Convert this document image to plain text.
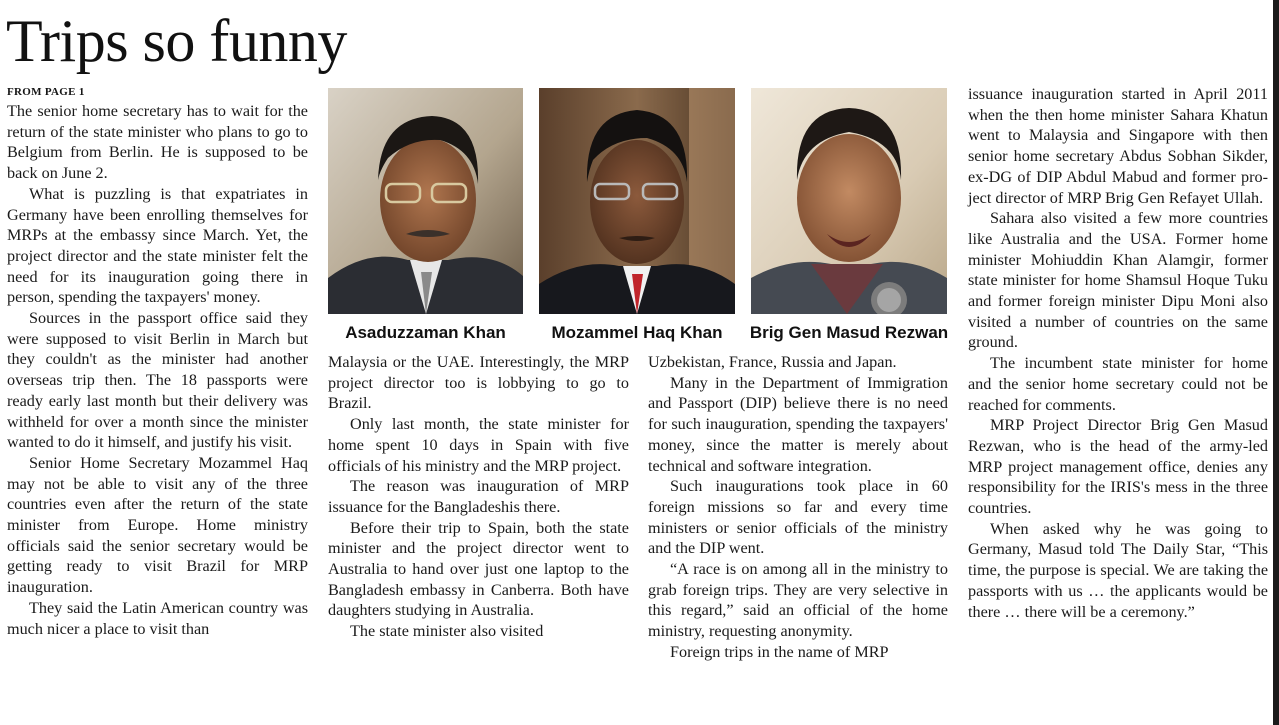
Trips so funny
FROM PAGE 1

The senior home secretary has to wait for the return of the state minister who plans to go to Belgium from Berlin. He is supposed to be back on June 2.

What is puzzling is that expatriates in Germany have been enrolling themselves for MRPs at the embassy since March. Yet, the project director and the state minister felt the need for its inauguration going there in person, spending the taxpayers' money.

Sources in the passport office said they were supposed to visit Berlin in March but they couldn't as the minister had another overseas trip then. The 18 passports were ready early last month but their delivery was withheld for over a month since the minister wanted to do it himself, and justify his visit.

Senior Home Secretary Mozammel Haq may not be able to visit any of the three countries even after the return of the state minister from Europe. Home ministry officials said the senior secretary would be getting ready to visit Brazil for MRP inauguration.

They said the Latin American country was much nicer a place to visit than

Asaduzzaman Khan	Mozammel Haq Khan	Brig Gen Masud Rezwan

Malaysia or the UAE. Interestingly, the MRP project director too is lobbying to go to Brazil.

Only last month, the state minister for home spent 10 days in Spain with five officials of his ministry and the MRP project.

The reason was inauguration of MRP issuance for the Bangladeshis there.

Before their trip to Spain, both the state minister and the project director went to Australia to hand over just one laptop to the Bangladesh embassy in Canberra. Both have daughters studying in Australia.

The state minister also visited

Uzbekistan, France, Russia and Japan.

Many in the Department of Immigration and Passport (DIP) believe there is no need for such inauguration, spending the taxpayers' money, since the matter is merely about technical and software integration.

Such inaugurations took place in 60 foreign missions so far and every time ministers or senior officials of the ministry and the DIP went.

“A race is on among all in the ministry to grab foreign trips. They are very selective in this regard,” said an official of the home ministry, requesting anonymity.

Foreign trips in the name of MRP

issuance inauguration started in April 2011 when the then home minister Sahara Khatun went to Malaysia and Singapore with then senior home secretary Abdus Sobhan Sikder, ex-DG of DIP Abdul Mabud and former project director of MRP Brig Gen Refayet Ullah.

Sahara also visited a few more countries like Australia and the USA. Former home minister Mohiuddin Khan Alamgir, former state minister for home Shamsul Hoque Tuku and former foreign minister Dipu Moni also visited a number of countries on the same ground.

The incumbent state minister for home and the senior home secretary could not be reached for comments.

MRP Project Director Brig Gen Masud Rezwan, who is the head of the army-led MRP project management office, denies any responsibility for the IRIS's mess in the three countries.

When asked why he was going to Germany, Masud told The Daily Star, “This time, the purpose is special. We are taking the passports with us … the applicants would be there … there will be a ceremony.”
